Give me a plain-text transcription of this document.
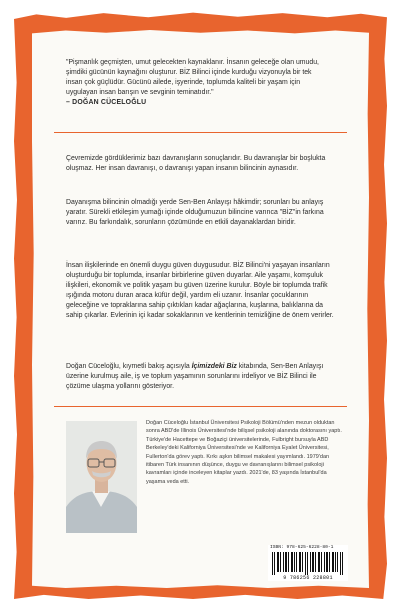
"Pişmanlık geçmişten, umut gelecekten kaynaklanır. İnsanın geleceğe olan umudu, şimdiki gücünün kaynağını oluşturur. BİZ Bilinci içinde kurduğu vizyonuyla bir tek insan çok güçlüdür. Gücünü ailede, işyerinde, toplumda kaliteli bir yaşam için uygulayan insan barışın ve sevginin teminatıdır."
– DOĞAN CÜCELOĞLU

Çevremizde gördüklerimiz bazı davranışların sonuçlarıdır. Bu davranışlar bir boşlukta oluşmaz. Her insan davranışı, o davranışı yapan insanın bilincinin aynasıdır.

Dayanışma bilincinin olmadığı yerde Sen-Ben Anlayışı hâkimdir; sorunları bu anlayış yaratır. Sürekli etkileşim yumağı içinde olduğumuzun bilincine varınca "BİZ"in farkına varırız. Bu farkındalık, sorunların çözümünde en etkili dayanaklardan biridir.

İnsan ilişkilerinde en önemli duygu güven duygusudur. BİZ Bilinci'ni yaşayan insanların oluşturduğu bir toplumda, insanlar birbirlerine güven duyarlar. Aile yaşamı, komşuluk ilişkileri, ekonomik ve politik yaşam bu güven üzerine kurulur. Böyle bir toplumda trafik ışığında motoru duran araca küfür değil, yardım eli uzanır. İnsanlar çocuklarının geleceğine ve topraklarına sahip çıktıkları kadar ağaçlarına, kuşlarına, balıklarına da sahip çıkarlar. Evlerinin içi kadar sokaklarının ve kentlerinin temizliğine de önem verirler.

Doğan Cüceloğlu, kıymetli bakış açısıyla İçimizdeki Biz kitabında, Sen-Ben Anlayışı üzerine kurulmuş aile, iş ve toplum yaşamının sorunlarını irdeliyor ve BİZ Bilinci ile çözüme ulaşma yollarını gösteriyor.

Doğan Cüceloğlu İstanbul Üniversitesi Psikoloji Bölümü'nden mezun olduktan sonra ABD'de Illinois Üniversitesi'nde bilişsel psikoloji alanında doktorasını yaptı. Türkiye'de Hacettepe ve Boğaziçi üniversitelerinde, Fulbright bursuyla ABD Berkeley'deki Kaliforniya Üniversitesi'nde ve Kaliforniya Eyalet Üniversitesi, Fullerton'da görev yaptı. Kırkı aşkın bilimsel makalesi yayımlandı. 1979'dan itibaren Türk insanının düşünce, duygu ve davranışlarını bilimsel psikoloji kavramları içinde inceleyen kitaplar yazdı. 2021'de, 83 yaşında İstanbul'da yaşama veda etti.

ISBN: 978-625-6228-80-1
9 786256 228801
